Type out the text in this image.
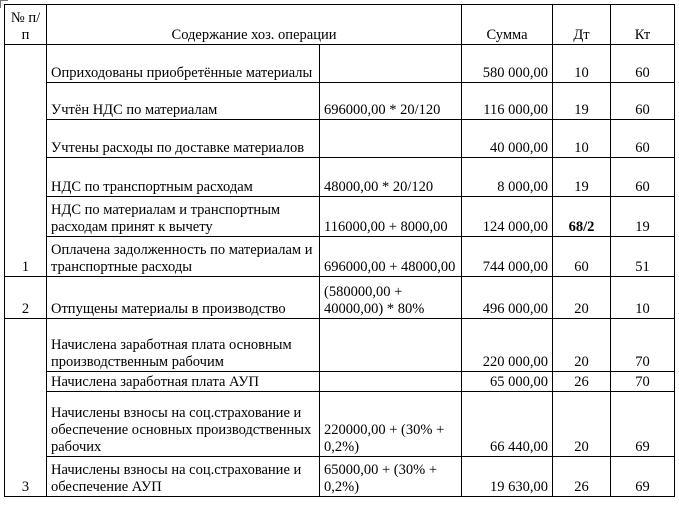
№ п/п	Содержание хоз. операции		Сумма	Дт	Кт
1	Оприходованы приобретённые материалы		580 000,00	10	60
	Учтён НДС по материалам	696000,00 * 20/120	116 000,00	19	60
	Учтены расходы по доставке материалов		40 000,00	10	60
	НДС по транспортным расходам	48000,00 * 20/120	8 000,00	19	60
	НДС по материалам и транспортным расходам принят к вычету	116000,00 + 8000,00	124 000,00	68/2	19
	Оплачена задолженность по материалам и транспортные расходы	696000,00 + 48000,00	744 000,00	60	51
2	Отпущены материалы в производство	(580000,00 + 40000,00) * 80%	496 000,00	20	10
3	Начислена заработная плата основным производственным рабочим		220 000,00	20	70
	Начислена заработная плата АУП		65 000,00	26	70
	Начислены взносы на соц.страхование и обеспечение основных производственных рабочих	220000,00 + (30% + 0,2%)	66 440,00	20	69
	Начислены взносы на соц.страхование и обеспечение АУП	65000,00 + (30% + 0,2%)	19 630,00	26	69
